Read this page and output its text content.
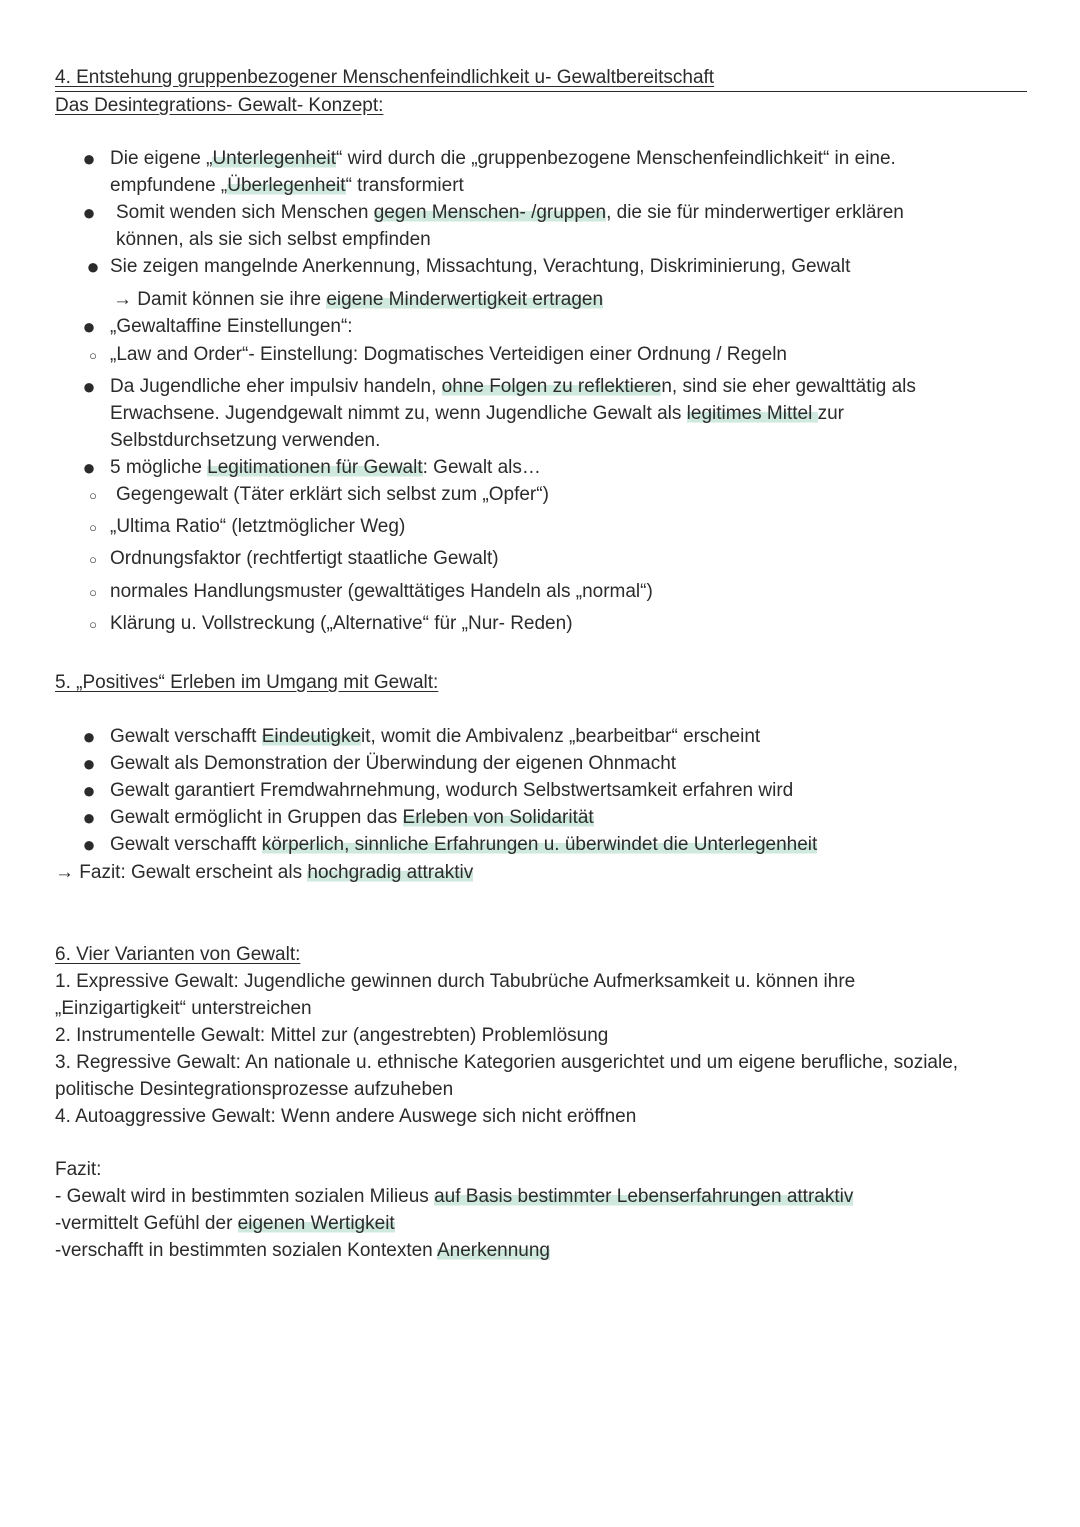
4. Entstehung gruppenbezogener Menschenfeindlichkeit u- Gewaltbereitschaft

Das Desintegrations- Gewalt- Konzept:

● Die eigene „Unterlegenheit“ wird durch die „gruppenbezogene Menschenfeindlichkeit“ in eine.
empfundene „Überlegenheit“ transformiert
● Somit wenden sich Menschen gegen Menschen- /gruppen, die sie für minderwertiger erklären
können, als sie sich selbst empfinden
● Sie zeigen mangelnde Anerkennung, Missachtung, Verachtung, Diskriminierung, Gewalt
→ Damit können sie ihre eigene Minderwertigkeit ertragen
● „Gewaltaffine Einstellungen“:
○ „Law and Order“- Einstellung: Dogmatisches Verteidigen einer Ordnung / Regeln
● Da Jugendliche eher impulsiv handeln, ohne Folgen zu reflektieren, sind sie eher gewalttätig als
Erwachsene. Jugendgewalt nimmt zu, wenn Jugendliche Gewalt als legitimes Mittel zur
Selbstdurchsetzung verwenden.
● 5 mögliche Legitimationen für Gewalt: Gewalt als…
○	Gegengewalt (Täter erklärt sich selbst zum „Opfer“)
○ „Ultima Ratio“ (letztmöglicher Weg)
○ Ordnungsfaktor (rechtfertigt staatliche Gewalt)
○ normales Handlungsmuster (gewalttätiges Handeln als „normal“)
○ Klärung u. Vollstreckung („Alternative“ für „Nur- Reden)

5. „Positives“ Erleben im Umgang mit Gewalt:

● Gewalt verschafft Eindeutigkeit, womit die Ambivalenz „bearbeitbar“ erscheint
● Gewalt als Demonstration der Überwindung der eigenen Ohnmacht
● Gewalt garantiert Fremdwahrnehmung, wodurch Selbstwertsamkeit erfahren wird
● Gewalt ermöglicht in Gruppen das Erleben von Solidarität
● Gewalt verschafft körperlich, sinnliche Erfahrungen u. überwindet die Unterlegenheit
→ Fazit: Gewalt erscheint als hochgradig attraktiv

6. Vier Varianten von Gewalt:

1. Expressive Gewalt: Jugendliche gewinnen durch Tabubrüche Aufmerksamkeit u. können ihre

„Einzigartigkeit“ unterstreichen

2. Instrumentelle Gewalt: Mittel zur (angestrebten) Problemlösung

3. Regressive Gewalt: An nationale u. ethnische Kategorien ausgerichtet und um eigene berufliche, soziale,

politische Desintegrationsprozesse aufzuheben

4. Autoaggressive Gewalt: Wenn andere Auswege sich nicht eröffnen

Fazit:

- Gewalt wird in bestimmten sozialen Milieus auf Basis bestimmter Lebenserfahrungen attraktiv

-vermittelt Gefühl der eigenen Wertigkeit

-verschafft in bestimmten sozialen Kontexten Anerkennung
